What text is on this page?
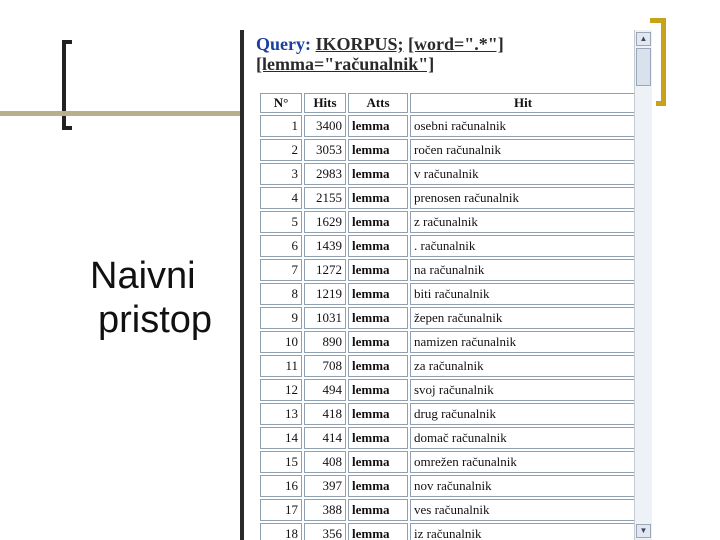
Naivni
pristop
Query: IKORPUS; [word=".*"]
[lemma="računalnik"]
N°	Hits	Atts	Hit
1	3400	lemma	osebni računalnik
2	3053	lemma	ročen računalnik
3	2983	lemma	v računalnik
4	2155	lemma	prenosen računalnik
5	1629	lemma	z računalnik
6	1439	lemma	. računalnik
7	1272	lemma	na računalnik
8	1219	lemma	biti računalnik
9	1031	lemma	žepen računalnik
10	890	lemma	namizen računalnik
11	708	lemma	za računalnik
12	494	lemma	svoj računalnik
13	418	lemma	drug računalnik
14	414	lemma	domač računalnik
15	408	lemma	omrežen računalnik
16	397	lemma	nov računalnik
17	388	lemma	ves računalnik
18	356	lemma	iz računalnik
▲
▼
